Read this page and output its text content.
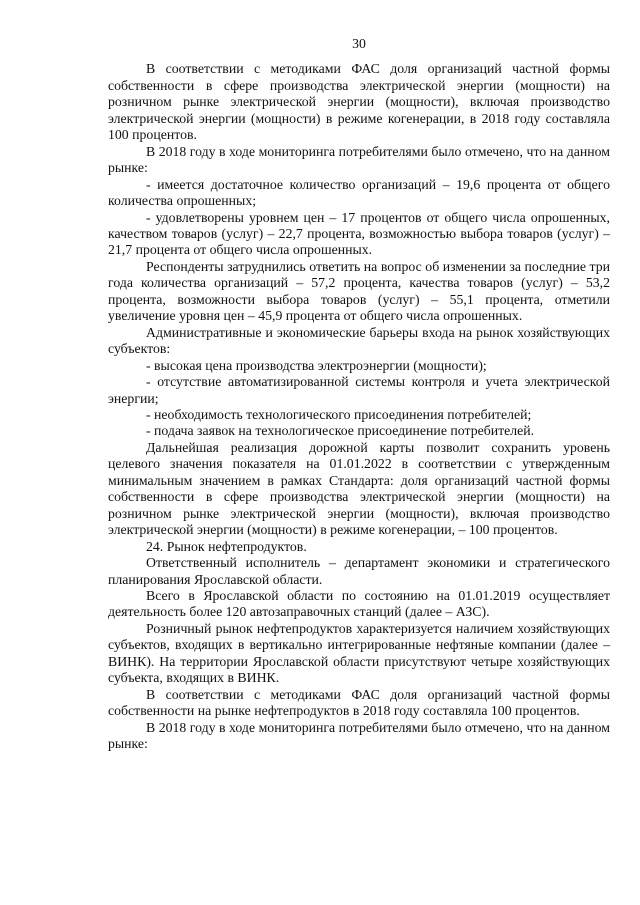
30

В соответствии с методиками ФАС доля организаций частной формы собственности в сфере производства электрической энергии (мощности) на розничном рынке электрической энергии (мощности), включая производство электрической энергии (мощности) в режиме когенерации, в 2018 году составляла 100 процентов.

В 2018 году в ходе мониторинга потребителями было отмечено, что на данном рынке:

- имеется достаточное количество организаций – 19,6 процента от общего количества опрошенных;

- удовлетворены уровнем цен – 17 процентов от общего числа опрошенных, качеством товаров (услуг) – 22,7 процента, возможностью выбора товаров (услуг) – 21,7 процента от общего числа опрошенных.

Респонденты затруднились ответить на вопрос об изменении за последние три года количества организаций – 57,2 процента, качества товаров (услуг) – 53,2 процента, возможности выбора товаров (услуг) – 55,1 процента, отметили увеличение уровня цен – 45,9 процента от общего числа опрошенных.

Административные и экономические барьеры входа на рынок хозяйствующих субъектов:

- высокая цена производства электроэнергии (мощности);

- отсутствие автоматизированной системы контроля и учета электрической энергии;

- необходимость технологического присоединения потребителей;

- подача заявок на технологическое присоединение потребителей.

Дальнейшая реализация дорожной карты позволит сохранить уровень целевого значения показателя на 01.01.2022 в соответствии с утвержденным минимальным значением в рамках Стандарта: доля организаций частной формы собственности в сфере производства электрической энергии (мощности) на розничном рынке электрической энергии (мощности), включая производство электрической энергии (мощности) в режиме когенерации, – 100 процентов.

24. Рынок нефтепродуктов.

Ответственный исполнитель – департамент экономики и стратегического планирования Ярославской области.

Всего в Ярославской области по состоянию на 01.01.2019 осуществляет деятельность более 120 автозаправочных станций (далее – АЗС).

Розничный рынок нефтепродуктов характеризуется наличием хозяйствующих субъектов, входящих в вертикально интегрированные нефтяные компании (далее – ВИНК). На территории Ярославской области присутствуют четыре хозяйствующих субъекта, входящих в ВИНК.

В соответствии с методиками ФАС доля организаций частной формы собственности на рынке нефтепродуктов в 2018 году составляла 100 процентов.

В 2018 году в ходе мониторинга потребителями было отмечено, что на данном рынке:
